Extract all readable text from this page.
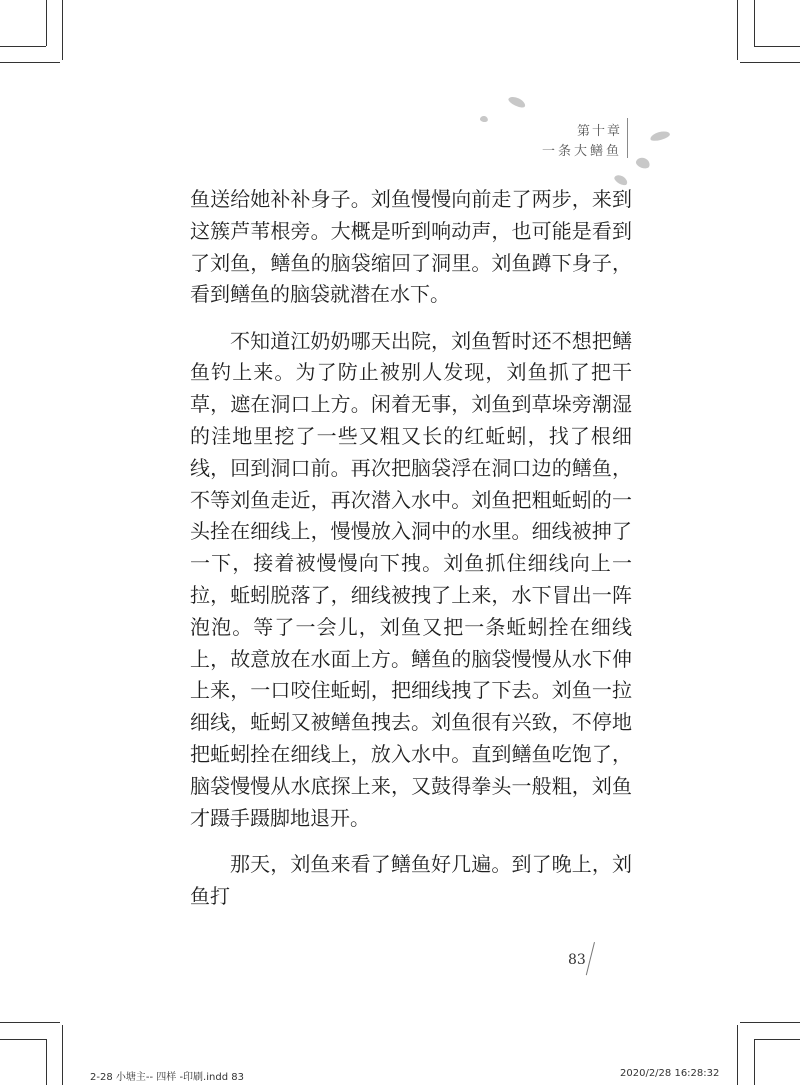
第十章
一条大鳝鱼

鱼送给她补补身子。刘鱼慢慢向前走了两步，来到这簇芦苇根旁。大概是听到响动声，也可能是看到了刘鱼，鳝鱼的脑袋缩回了洞里。刘鱼蹲下身子，看到鳝鱼的脑袋就潜在水下。

不知道江奶奶哪天出院，刘鱼暂时还不想把鳝鱼钓上来。为了防止被别人发现，刘鱼抓了把干草，遮在洞口上方。闲着无事，刘鱼到草垛旁潮湿的洼地里挖了一些又粗又长的红蚯蚓，找了根细线，回到洞口前。再次把脑袋浮在洞口边的鳝鱼，不等刘鱼走近，再次潜入水中。刘鱼把粗蚯蚓的一头拴在细线上，慢慢放入洞中的水里。细线被抻了一下，接着被慢慢向下拽。刘鱼抓住细线向上一拉，蚯蚓脱落了，细线被拽了上来，水下冒出一阵泡泡。等了一会儿，刘鱼又把一条蚯蚓拴在细线上，故意放在水面上方。鳝鱼的脑袋慢慢从水下伸上来，一口咬住蚯蚓，把细线拽了下去。刘鱼一拉细线，蚯蚓又被鳝鱼拽去。刘鱼很有兴致，不停地把蚯蚓拴在细线上，放入水中。直到鳝鱼吃饱了，脑袋慢慢从水底探上来，又鼓得拳头一般粗，刘鱼才蹑手蹑脚地退开。

那天，刘鱼来看了鳝鱼好几遍。到了晚上，刘鱼打

83
2-28 小塘主-- 四样 -印刷.indd 83	2020/2/28 16:28:32
